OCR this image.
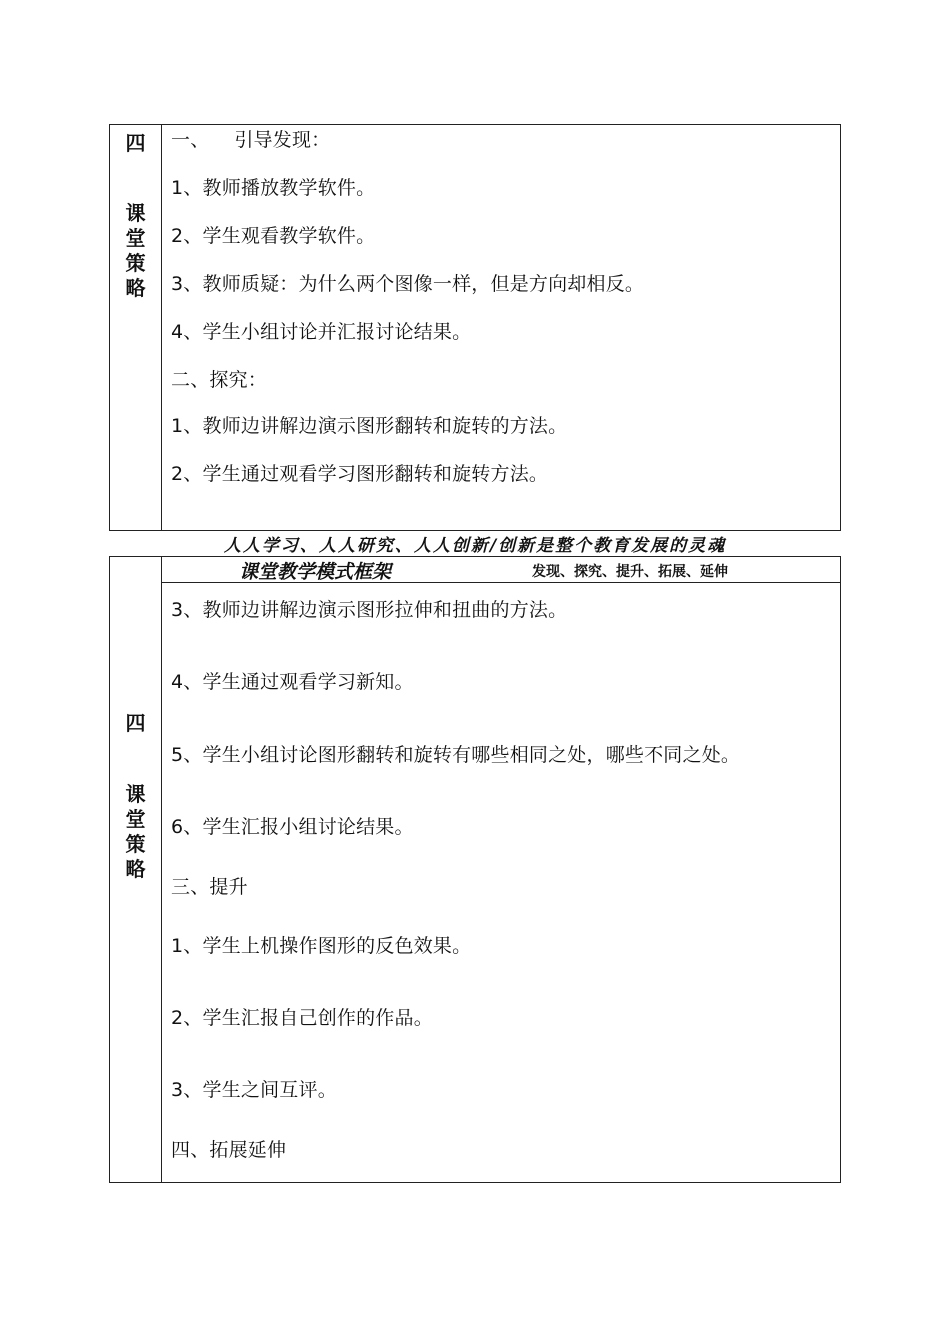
四
课
堂
策
略
一、    引导发现：
1、教师播放教学软件。
2、学生观看教学软件。
3、教师质疑：为什么两个图像一样，但是方向却相反。
4、学生小组讨论并汇报讨论结果。
二、探究：
1、教师边讲解边演示图形翻转和旋转的方法。
2、学生通过观看学习图形翻转和旋转方法。
人人学习、人人研究、人人创新/创新是整个教育发展的灵魂
四
课
堂
策
略
课堂教学模式框架	发现、探究、提升、拓展、延伸
3、教师边讲解边演示图形拉伸和扭曲的方法。
4、学生通过观看学习新知。
5、学生小组讨论图形翻转和旋转有哪些相同之处，哪些不同之处。
6、学生汇报小组讨论结果。
三、提升
1、学生上机操作图形的反色效果。
2、学生汇报自己创作的作品。
3、学生之间互评。
四、拓展延伸
